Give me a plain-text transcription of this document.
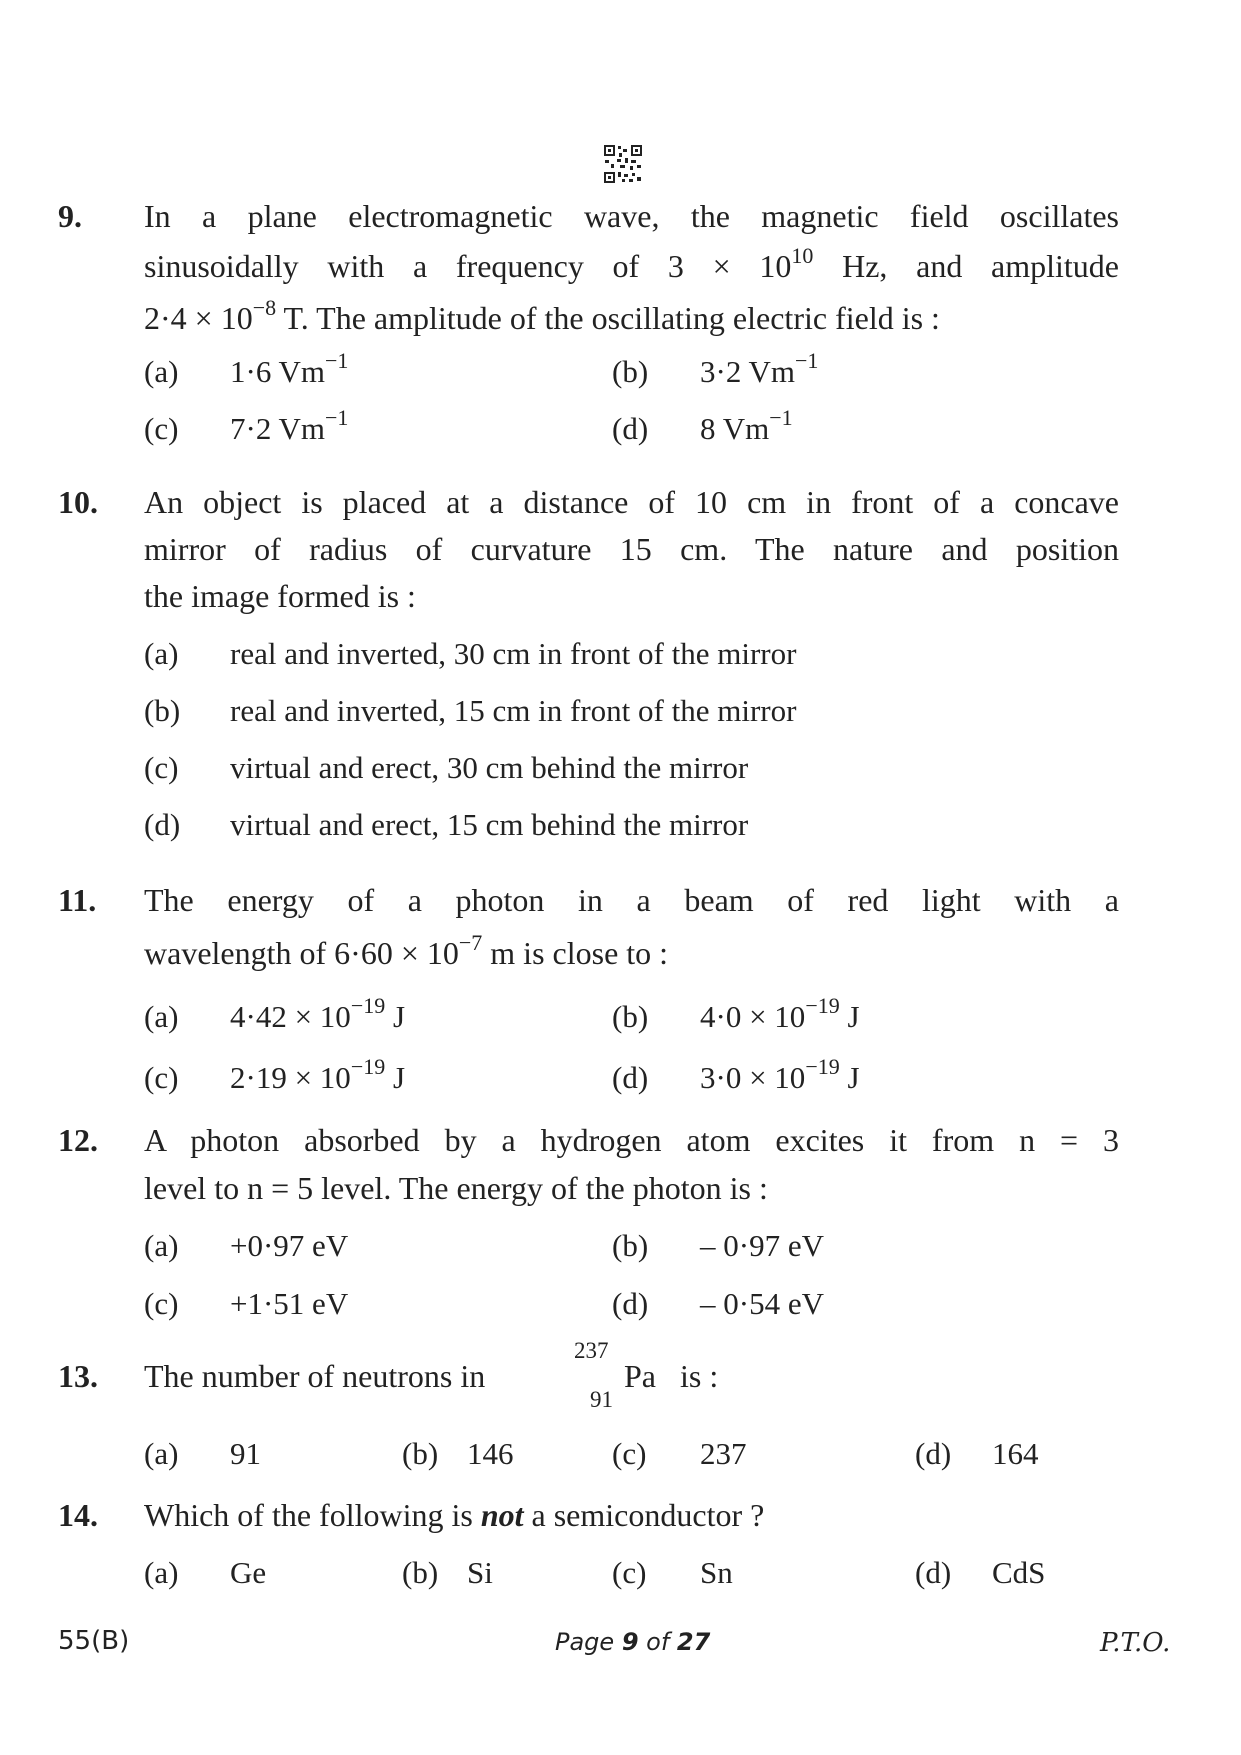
9. In a plane electromagnetic wave, the magnetic field oscillates
sinusoidally with a frequency of $3 \times 10^{10}$ Hz, and amplitude
$2\cdot 4 \times 10^{-8}$ T. The amplitude of the oscillating electric field is :
(a) 1·6 $Vm^{-1}$	(b) 3·2 $Vm^{-1}$
(c) 7·2 $Vm^{-1}$	(d) 8 $Vm^{-1}$
10. An object is placed at a distance of 10 cm in front of a concave
mirror of radius of curvature 15 cm. The nature and position
the image formed is :
(a) real and inverted, 30 cm in front of the mirror
(b) real and inverted, 15 cm in front of the mirror
(c) virtual and erect, 30 cm behind the mirror
(d) virtual and erect, 15 cm behind the mirror
11. The energy of a photon in a beam of red light with a
wavelength of $6\cdot 60 \times 10^{-7}$ m is close to :
(a) $4\cdot 42 \times 10^{-19}$ J	(b) $4\cdot 0 \times 10^{-19}$ J
(c) $2\cdot 19 \times 10^{-19}$ J	(d) $3\cdot 0 \times 10^{-19}$ J
12. A photon absorbed by a hydrogen atom excites it from n = 3
level to n = 5 level. The energy of the photon is :
(a) +0·97 eV	(b) – 0·97 eV
(c) +1·51 eV	(d) – 0·54 eV
13. The number of neutrons in
237
91
Pa is :
(a) 91	(b) 146	(c) 237	(d) 164
14. Which of the following is not a semiconductor ?
(a) Ge	(b) Si	(c) Sn	(d) CdS
55(B)	Page 9 of 27	P.T.O.
